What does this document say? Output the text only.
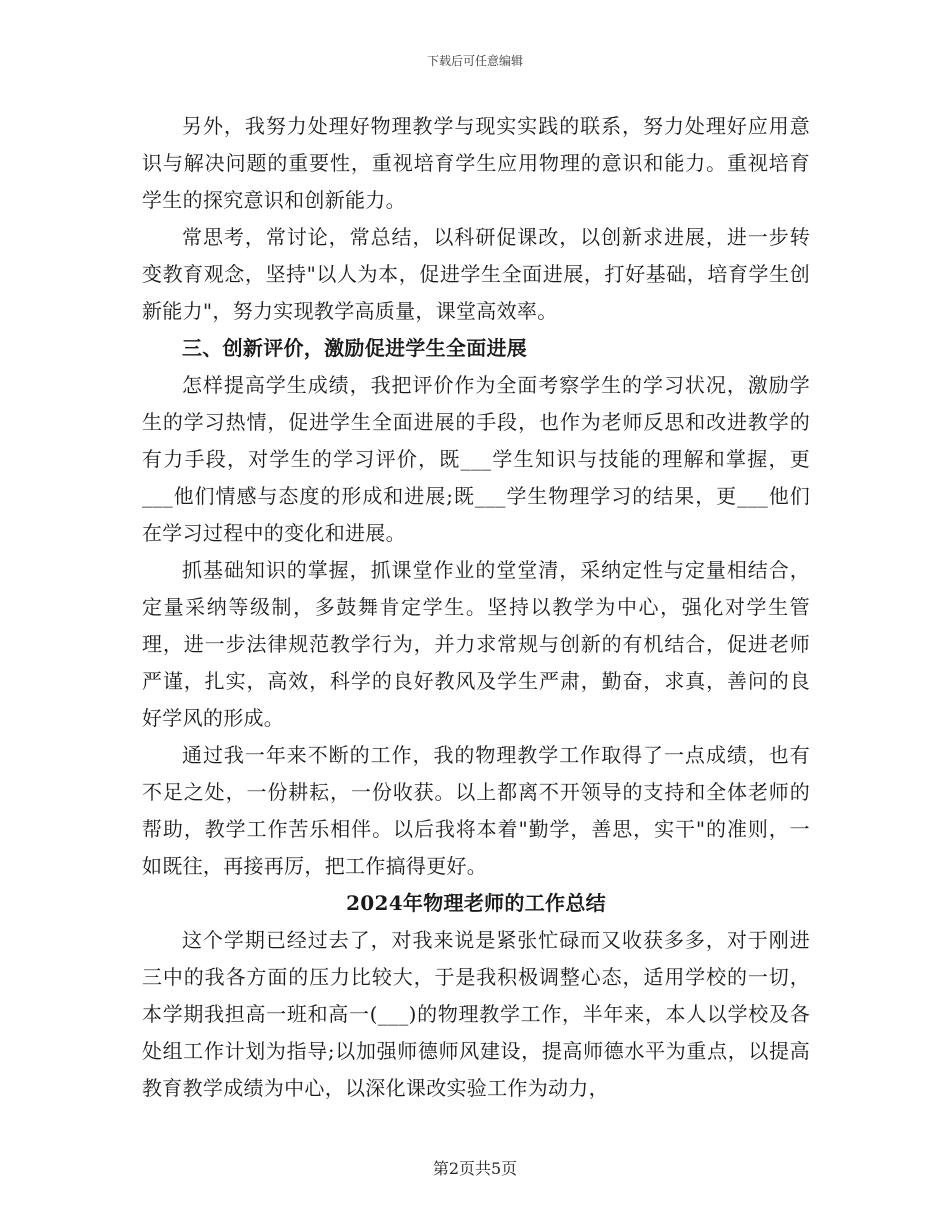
下载后可任意编辑

另外，我努力处理好物理教学与现实实践的联系，努力处理好应用意识与解决问题的重要性，重视培育学生应用物理的意识和能力。重视培育学生的探究意识和创新能力。

常思考，常讨论，常总结，以科研促课改，以创新求进展，进一步转变教育观念，坚持"以人为本，促进学生全面进展，打好基础，培育学生创新能力"，努力实现教学高质量，课堂高效率。

三、创新评价，激励促进学生全面进展

怎样提高学生成绩，我把评价作为全面考察学生的学习状况，激励学生的学习热情，促进学生全面进展的手段，也作为老师反思和改进教学的有力手段，对学生的学习评价，既___学生知识与技能的理解和掌握，更___他们情感与态度的形成和进展;既___学生物理学习的结果，更___他们在学习过程中的变化和进展。

抓基础知识的掌握，抓课堂作业的堂堂清，采纳定性与定量相结合，定量采纳等级制，多鼓舞肯定学生。坚持以教学为中心，强化对学生管理，进一步法律规范教学行为，并力求常规与创新的有机结合，促进老师严谨，扎实，高效，科学的良好教风及学生严肃，勤奋，求真，善问的良好学风的形成。

通过我一年来不断的工作，我的物理教学工作取得了一点成绩，也有不足之处，一份耕耘，一份收获。以上都离不开领导的支持和全体老师的帮助，教学工作苦乐相伴。以后我将本着"勤学，善思，实干"的准则，一如既往，再接再厉，把工作搞得更好。

2024年物理老师的工作总结

这个学期已经过去了，对我来说是紧张忙碌而又收获多多，对于刚进三中的我各方面的压力比较大，于是我积极调整心态，适用学校的一切，本学期我担高一班和高一(___)的物理教学工作，半年来，本人以学校及各处组工作计划为指导;以加强师德师风建设，提高师德水平为重点，以提高教育教学成绩为中心，以深化课改实验工作为动力，

第2页共5页
